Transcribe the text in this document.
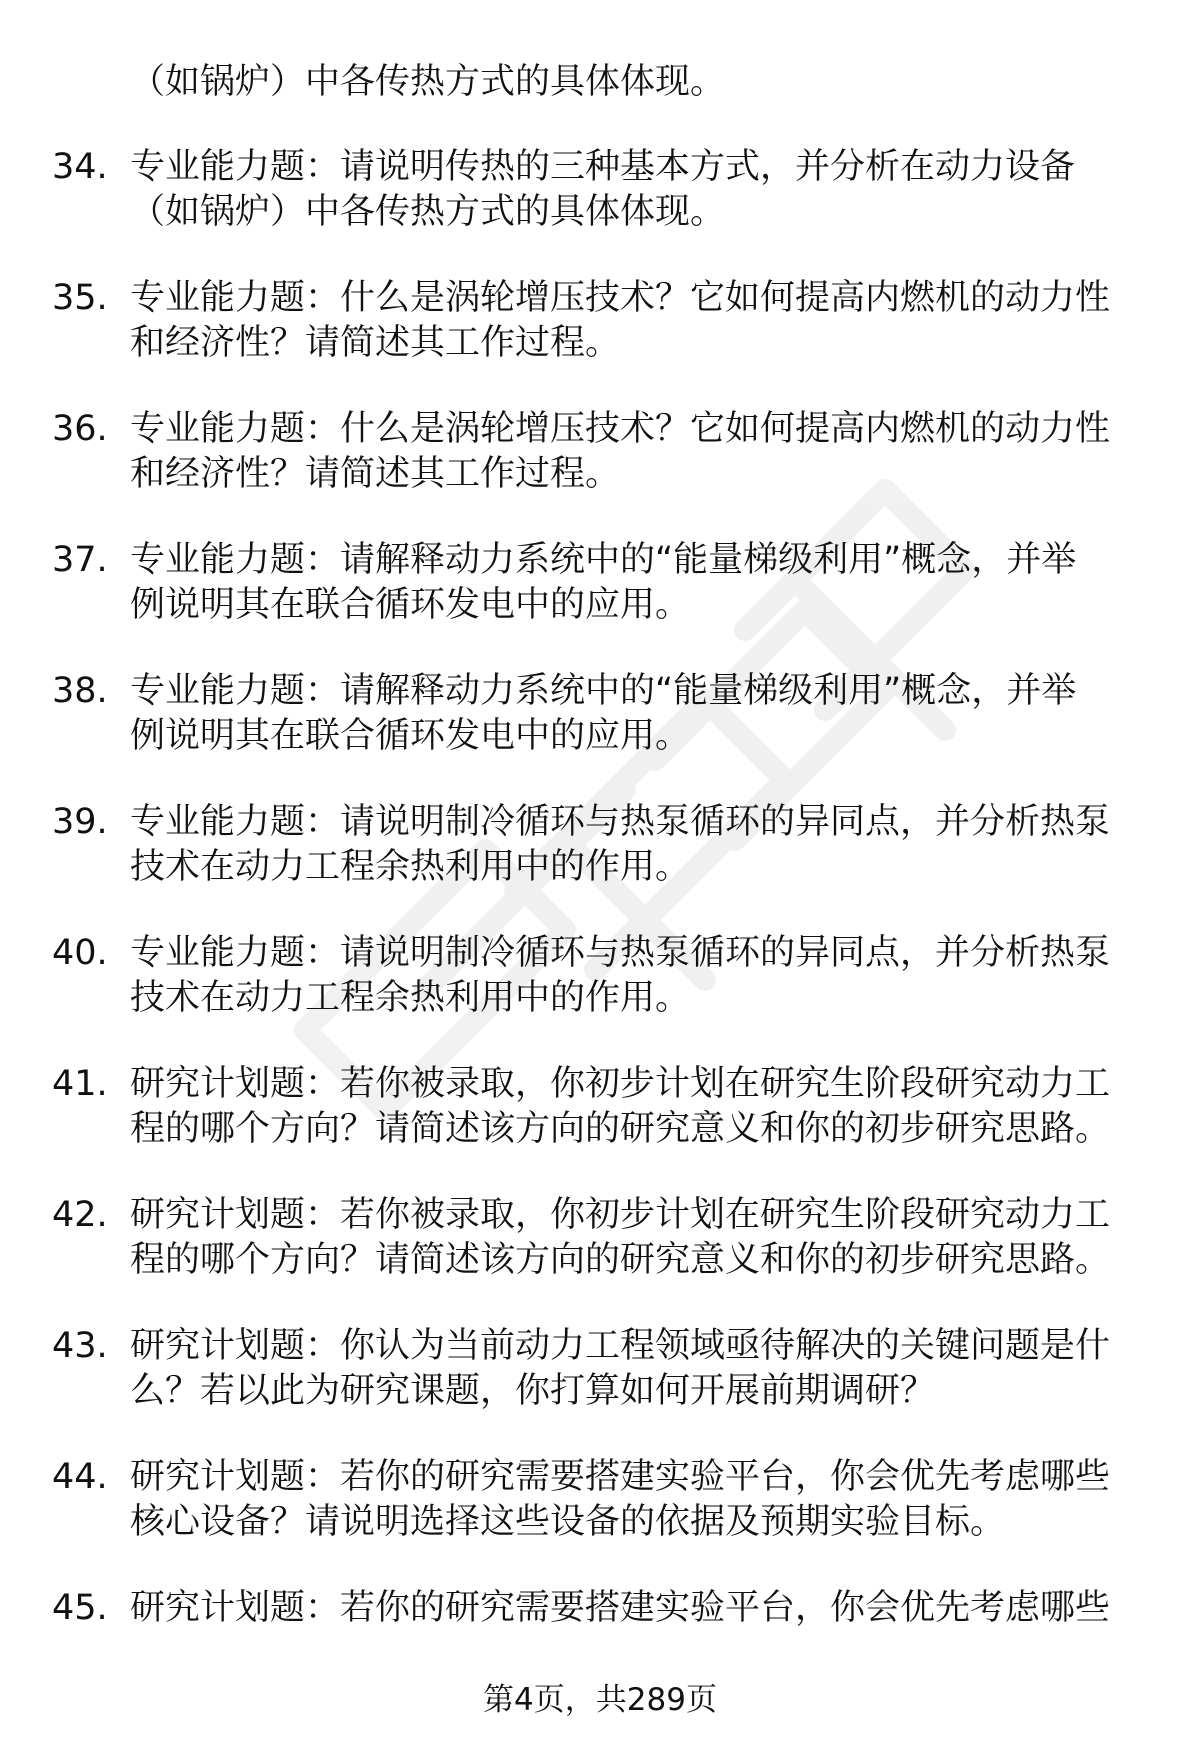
（如锅炉）中各传热方式的具体体现。
34. 专业能力题：请说明传热的三种基本方式，并分析在动力设备
（如锅炉）中各传热方式的具体体现。
35. 专业能力题：什么是涡轮增压技术？它如何提高内燃机的动力性
和经济性？请简述其工作过程。
36. 专业能力题：什么是涡轮增压技术？它如何提高内燃机的动力性
和经济性？请简述其工作过程。
37. 专业能力题：请解释动力系统中的“能量梯级利用”概念，并举
例说明其在联合循环发电中的应用。
38. 专业能力题：请解释动力系统中的“能量梯级利用”概念，并举
例说明其在联合循环发电中的应用。
39. 专业能力题：请说明制冷循环与热泵循环的异同点，并分析热泵
技术在动力工程余热利用中的作用。
40. 专业能力题：请说明制冷循环与热泵循环的异同点，并分析热泵
技术在动力工程余热利用中的作用。
41. 研究计划题：若你被录取，你初步计划在研究生阶段研究动力工
程的哪个方向？请简述该方向的研究意义和你的初步研究思路。
42. 研究计划题：若你被录取，你初步计划在研究生阶段研究动力工
程的哪个方向？请简述该方向的研究意义和你的初步研究思路。
43. 研究计划题：你认为当前动力工程领域亟待解决的关键问题是什
么？若以此为研究课题，你打算如何开展前期调研？
44. 研究计划题：若你的研究需要搭建实验平台，你会优先考虑哪些
核心设备？请说明选择这些设备的依据及预期实验目标。
45. 研究计划题：若你的研究需要搭建实验平台，你会优先考虑哪些
第4页，共289页
